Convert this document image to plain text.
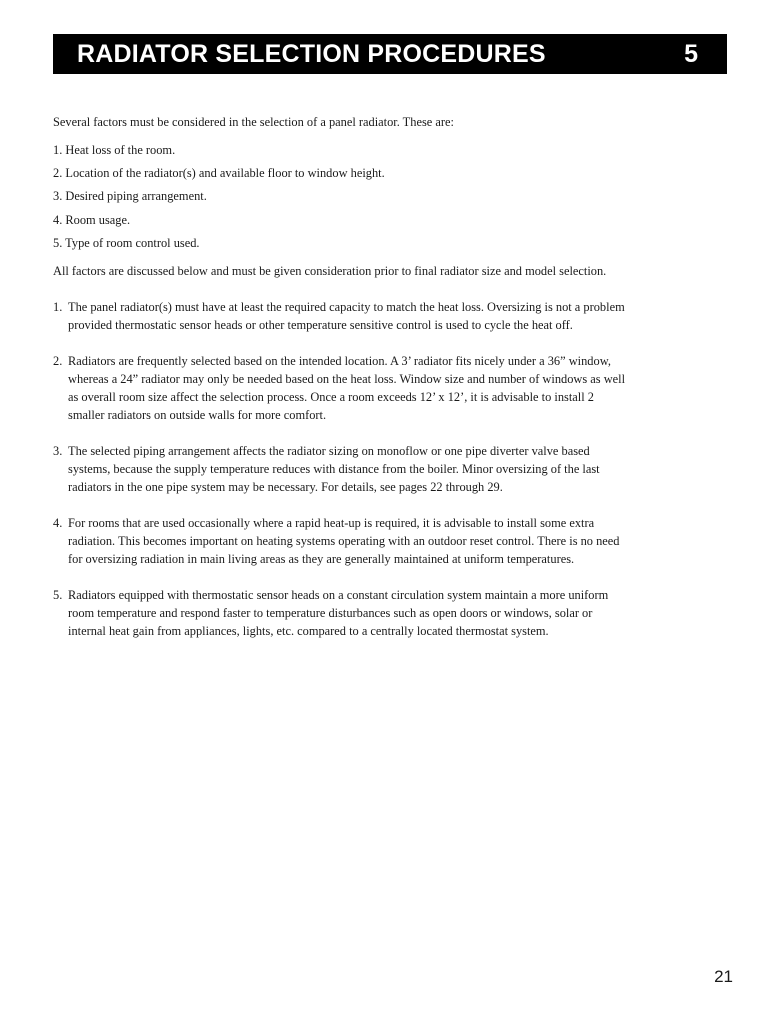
RADIATOR SELECTION PROCEDURES	5

Several factors must be considered in the selection of a panel radiator. These are:

1. Heat loss of the room.
2. Location of the radiator(s) and available floor to window height.
3. Desired piping arrangement.
4. Room usage.
5. Type of room control used.

All factors are discussed below and must be given consideration prior to final radiator size and model selection.

1. The panel radiator(s) must have at least the required capacity to match the heat loss. Oversizing is not a problem provided thermostatic sensor heads or other temperature sensitive control is used to cycle the heat off.
2. Radiators are frequently selected based on the intended location. A 3’ radiator fits nicely under a 36” window, whereas a 24” radiator may only be needed based on the heat loss. Window size and number of windows as well as overall room size affect the selection process. Once a room exceeds 12’ x 12’, it is advisable to install 2 smaller radiators on outside walls for more comfort.
3. The selected piping arrangement affects the radiator sizing on monoflow or one pipe diverter valve based systems, because the supply temperature reduces with distance from the boiler. Minor oversizing of the last radiators in the one pipe system may be necessary. For details, see pages 22 through 29.
4. For rooms that are used occasionally where a rapid heat-up is required, it is advisable to install some extra radiation. This becomes important on heating systems operating with an outdoor reset control. There is no need for oversizing radiation in main living areas as they are generally maintained at uniform temperatures.
5. Radiators equipped with thermostatic sensor heads on a constant circulation system maintain a more uniform room temperature and respond faster to temperature disturbances such as open doors or windows, solar or internal heat gain from appliances, lights, etc. compared to a centrally located thermostat system.
21
